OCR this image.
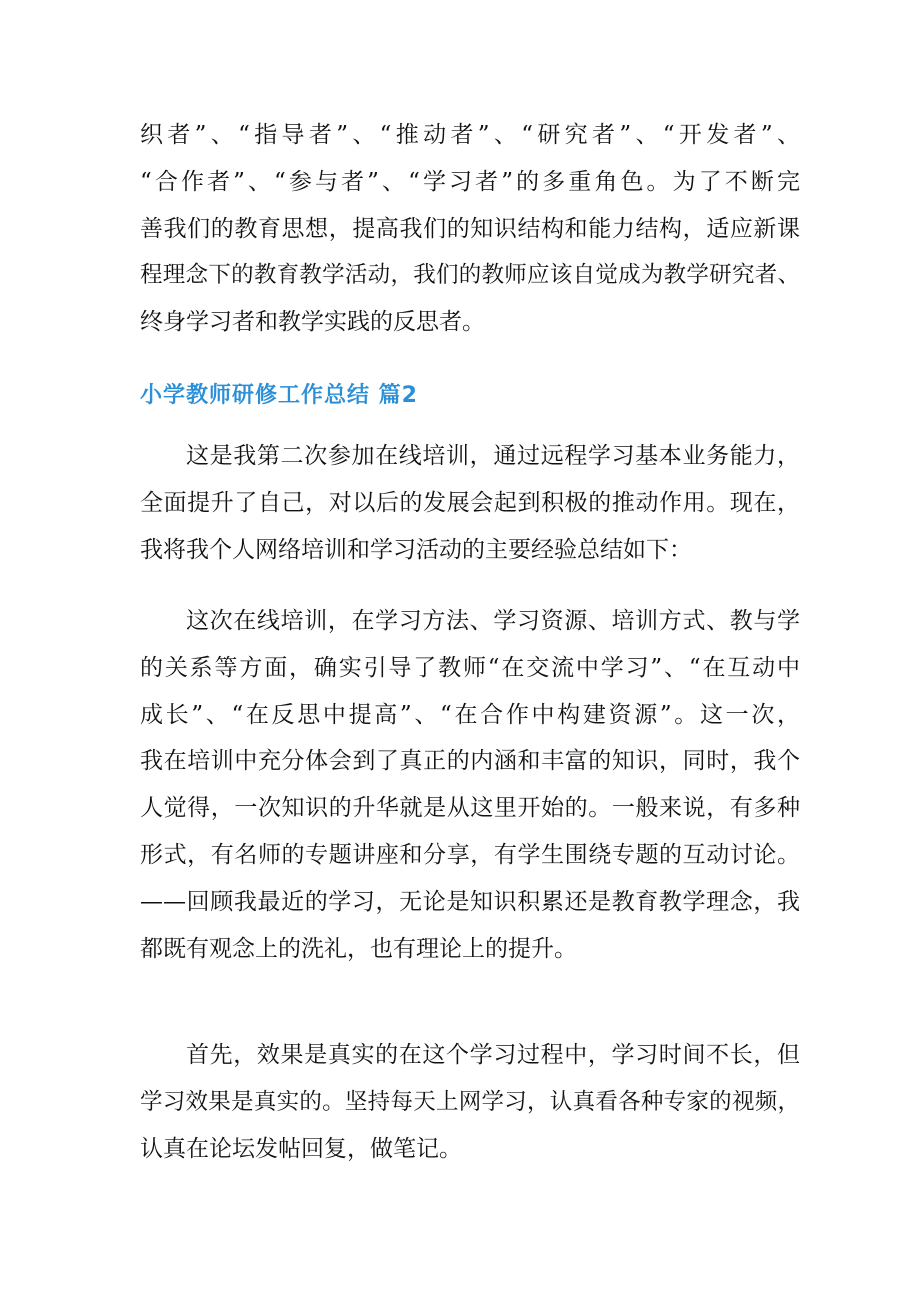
织者”、“指导者”、“推动者”、“研究者”、“开发者”、
“合作者”、“参与者”、“学习者”的多重角色。为了不断完
善我们的教育思想，提高我们的知识结构和能力结构，适应新课
程理念下的教育教学活动，我们的教师应该自觉成为教学研究者、
终身学习者和教学实践的反思者。
小学教师研修工作总结 篇2
这是我第二次参加在线培训，通过远程学习基本业务能力，
全面提升了自己，对以后的发展会起到积极的推动作用。现在，
我将我个人网络培训和学习活动的主要经验总结如下：
这次在线培训，在学习方法、学习资源、培训方式、教与学
的关系等方面，确实引导了教师“在交流中学习”、“在互动中
成长”、“在反思中提高”、“在合作中构建资源”。这一次，
我在培训中充分体会到了真正的内涵和丰富的知识，同时，我个
人觉得，一次知识的升华就是从这里开始的。一般来说，有多种
形式，有名师的专题讲座和分享，有学生围绕专题的互动讨论。
——回顾我最近的学习，无论是知识积累还是教育教学理念，我
都既有观念上的洗礼，也有理论上的提升。
首先，效果是真实的在这个学习过程中，学习时间不长，但
学习效果是真实的。坚持每天上网学习，认真看各种专家的视频，
认真在论坛发帖回复，做笔记。
